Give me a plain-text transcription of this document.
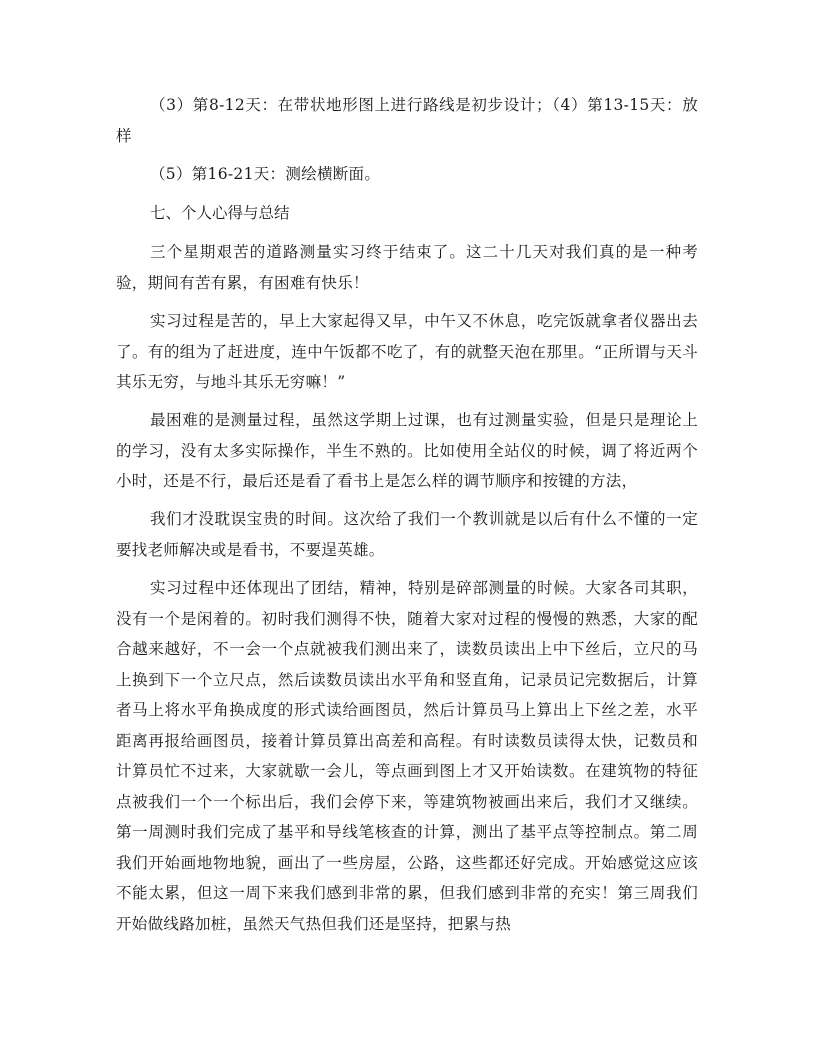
（3）第8-12天：在带状地形图上进行路线是初步设计；（4）第13-15天：放样

（5）第16-21天：测绘横断面。

七、个人心得与总结

三个星期艰苦的道路测量实习终于结束了。这二十几天对我们真的是一种考验，期间有苦有累，有困难有快乐！

实习过程是苦的，早上大家起得又早，中午又不休息，吃完饭就拿者仪器出去了。有的组为了赶进度，连中午饭都不吃了，有的就整天泡在那里。“正所谓与天斗其乐无穷，与地斗其乐无穷嘛！”

最困难的是测量过程，虽然这学期上过课，也有过测量实验，但是只是理论上的学习，没有太多实际操作，半生不熟的。比如使用全站仪的时候，调了将近两个小时，还是不行，最后还是看了看书上是怎么样的调节顺序和按键的方法，

我们才没耽误宝贵的时间。这次给了我们一个教训就是以后有什么不懂的一定要找老师解决或是看书，不要逞英雄。

实习过程中还体现出了团结，精神，特别是碎部测量的时候。大家各司其职，没有一个是闲着的。初时我们测得不快，随着大家对过程的慢慢的熟悉，大家的配合越来越好，不一会一个点就被我们测出来了，读数员读出上中下丝后，立尺的马上换到下一个立尺点，然后读数员读出水平角和竖直角，记录员记完数据后，计算者马上将水平角换成度的形式读给画图员，然后计算员马上算出上下丝之差，水平距离再报给画图员，接着计算员算出高差和高程。有时读数员读得太快，记数员和计算员忙不过来，大家就歇一会儿，等点画到图上才又开始读数。在建筑物的特征点被我们一个一个标出后，我们会停下来，等建筑物被画出来后，我们才又继续。第一周测时我们完成了基平和导线笔核查的计算，测出了基平点等控制点。第二周我们开始画地物地貌，画出了一些房屋，公路，这些都还好完成。开始感觉这应该不能太累，但这一周下来我们感到非常的累，但我们感到非常的充实！第三周我们开始做线路加桩，虽然天气热但我们还是坚持，把累与热
